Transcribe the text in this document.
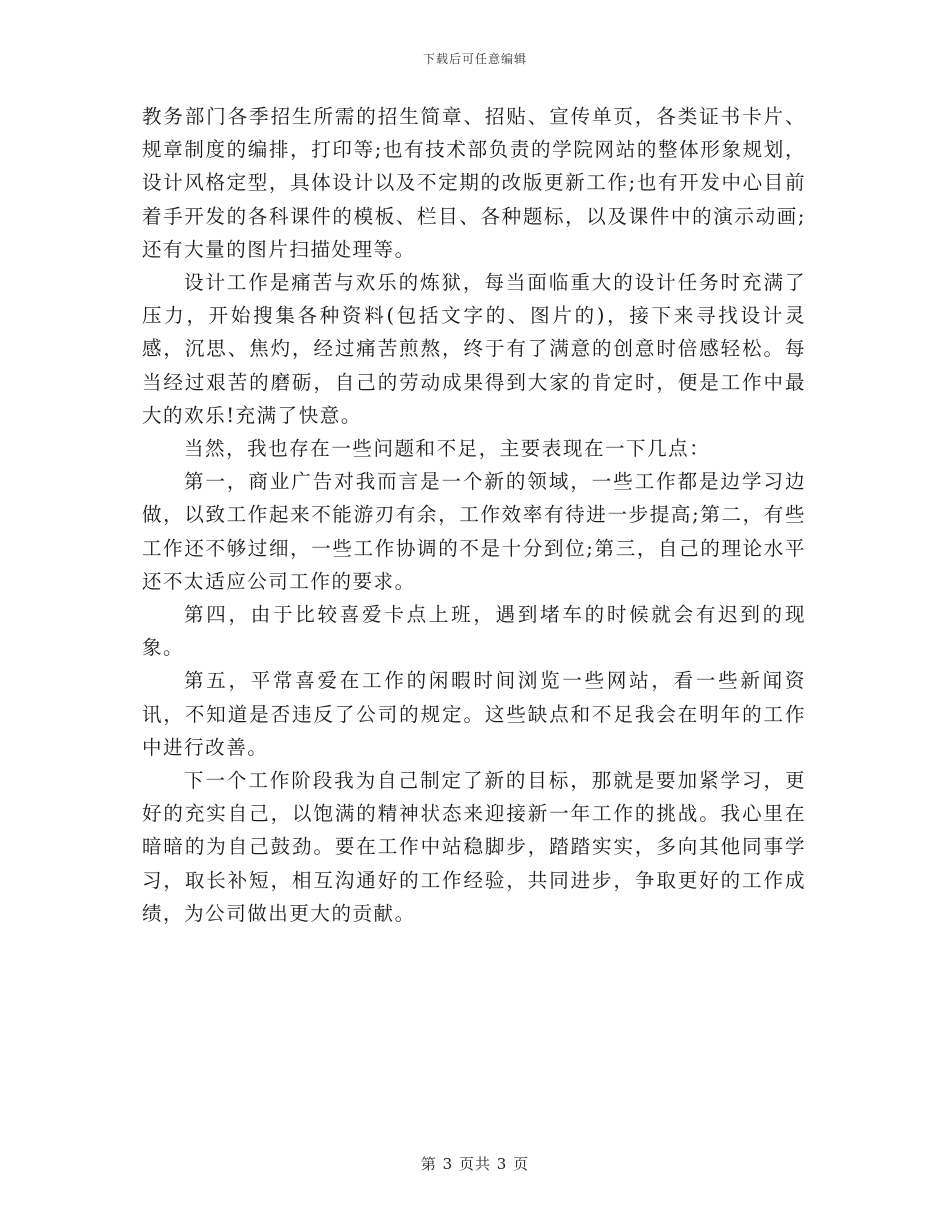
下载后可任意编辑

教务部门各季招生所需的招生简章、招贴、宣传单页，各类证书卡片、规章制度的编排，打印等;也有技术部负责的学院网站的整体形象规划，设计风格定型，具体设计以及不定期的改版更新工作;也有开发中心目前着手开发的各科课件的模板、栏目、各种题标，以及课件中的演示动画;还有大量的图片扫描处理等。

设计工作是痛苦与欢乐的炼狱，每当面临重大的设计任务时充满了压力，开始搜集各种资料(包括文字的、图片的)，接下来寻找设计灵感，沉思、焦灼，经过痛苦煎熬，终于有了满意的创意时倍感轻松。每当经过艰苦的磨砺，自己的劳动成果得到大家的肯定时，便是工作中最大的欢乐!充满了快意。

当然，我也存在一些问题和不足，主要表现在一下几点：

第一，商业广告对我而言是一个新的领域，一些工作都是边学习边做，以致工作起来不能游刃有余，工作效率有待进一步提高;第二，有些工作还不够过细，一些工作协调的不是十分到位;第三，自己的理论水平还不太适应公司工作的要求。

第四，由于比较喜爱卡点上班，遇到堵车的时候就会有迟到的现象。

第五，平常喜爱在工作的闲暇时间浏览一些网站，看一些新闻资讯，不知道是否违反了公司的规定。这些缺点和不足我会在明年的工作中进行改善。

下一个工作阶段我为自己制定了新的目标，那就是要加紧学习，更好的充实自己，以饱满的精神状态来迎接新一年工作的挑战。我心里在暗暗的为自己鼓劲。要在工作中站稳脚步，踏踏实实，多向其他同事学习，取长补短，相互沟通好的工作经验，共同进步，争取更好的工作成绩，为公司做出更大的贡献。

第 3 页共 3 页
